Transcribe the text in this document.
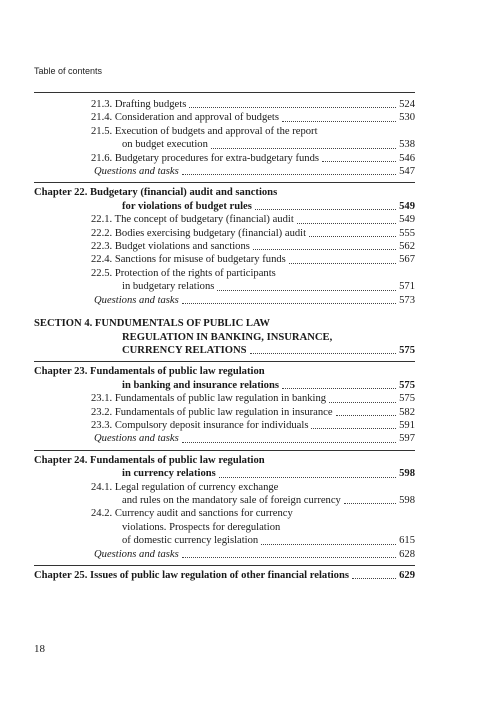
Table of contents
21.3. Drafting budgets	524
21.4. Consideration and approval of budgets	530
21.5. Execution of budgets and approval of the report
on budget execution	538
21.6. Budgetary procedures for extra-budgetary funds	546
Questions and tasks	547
Chapter 22. Budgetary (financial) audit and sanctions
for violations of budget rules	549
22.1. The concept of budgetary (financial) audit	549
22.2. Bodies exercising budgetary (financial) audit	555
22.3. Budget violations and sanctions	562
22.4. Sanctions for misuse of budgetary funds	567
22.5. Protection of the rights of participants
in budgetary relations	571
Questions and tasks	573
SECTION 4. FUNDUMENTALS OF PUBLIC LAW
REGULATION IN BANKING, INSURANCE,
CURRENCY RELATIONS	575
Chapter 23. Fundamentals of public law regulation
in banking and insurance relations	575
23.1. Fundamentals of public law regulation in banking	575
23.2. Fundamentals of public law regulation in insurance	582
23.3. Compulsory deposit insurance for individuals	591
Questions and tasks	597
Chapter 24. Fundamentals of public law regulation
in currency relations	598
24.1. Legal regulation of currency exchange
and rules on the mandatory sale of foreign currency	598
24.2. Currency audit and sanctions for currency
violations. Prospects for deregulation
of domestic currency legislation	615
Questions and tasks	628
Chapter 25. Issues of public law regulation of other financial relations	629
18
